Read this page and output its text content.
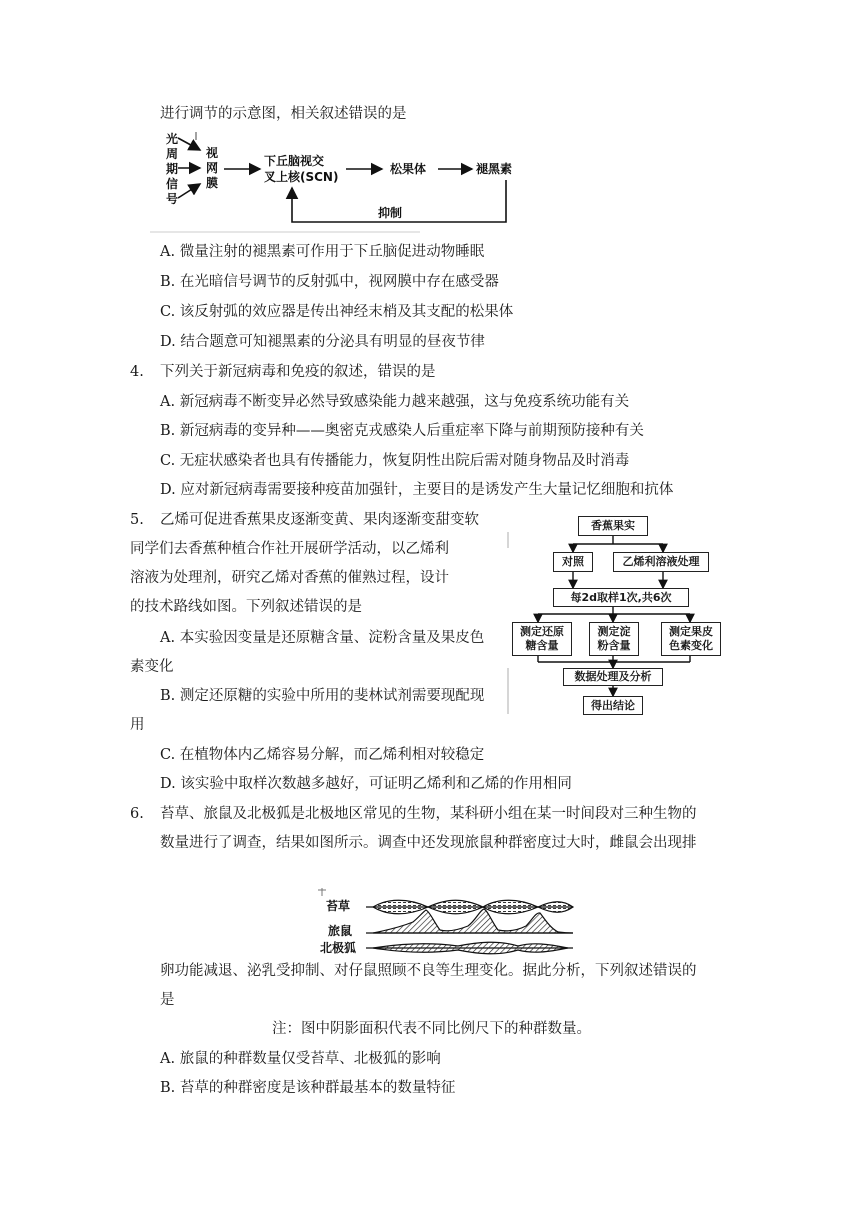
进行调节的示意图，相关叙述错误的是
光
周
期
信
号
视
网
膜
下丘脑视交
叉上核(SCN)
松果体	褪黑素
抑制
A. 微量注射的褪黑素可作用于下丘脑促进动物睡眠
B. 在光暗信号调节的反射弧中，视网膜中存在感受器
C. 该反射弧的效应器是传出神经末梢及其支配的松果体
D. 结合题意可知褪黑素的分泌具有明显的昼夜节律
4. 下列关于新冠病毒和免疫的叙述，错误的是
A. 新冠病毒不断变异必然导致感染能力越来越强，这与免疫系统功能有关
B. 新冠病毒的变异种——奥密克戎感染人后重症率下降与前期预防接种有关
C. 无症状感染者也具有传播能力，恢复阴性出院后需对随身物品及时消毒
D. 应对新冠病毒需要接种疫苗加强针，主要目的是诱发产生大量记忆细胞和抗体
5. 乙烯可促进香蕉果皮逐渐变黄、果肉逐渐变甜变软
同学们去香蕉种植合作社开展研学活动，以乙烯利
溶液为处理剂，研究乙烯对香蕉的催熟过程，设计
的技术路线如图。下列叙述错误的是
A. 本实验因变量是还原糖含量、淀粉含量及果皮色
素变化
B. 测定还原糖的实验中所用的斐林试剂需要现配现
用
C. 在植物体内乙烯容易分解，而乙烯利相对较稳定
D. 该实验中取样次数越多越好，可证明乙烯利和乙烯的作用相同
香蕉果实
对照	乙烯利溶液处理
每2d取样1次,共6次
测定还原
糖含量
测定淀
粉含量
测定果皮
色素变化
数据处理及分析
得出结论
6. 苔草、旅鼠及北极狐是北极地区常见的生物，某科研小组在某一时间段对三种生物的
数量进行了调查，结果如图所示。调查中还发现旅鼠种群密度过大时，雌鼠会出现排
苔草
旅鼠
北极狐
卵功能减退、泌乳受抑制、对仔鼠照顾不良等生理变化。据此分析，下列叙述错误的
是
注：图中阴影面积代表不同比例尺下的种群数量。
A. 旅鼠的种群数量仅受苔草、北极狐的影响
B. 苔草的种群密度是该种群最基本的数量特征
